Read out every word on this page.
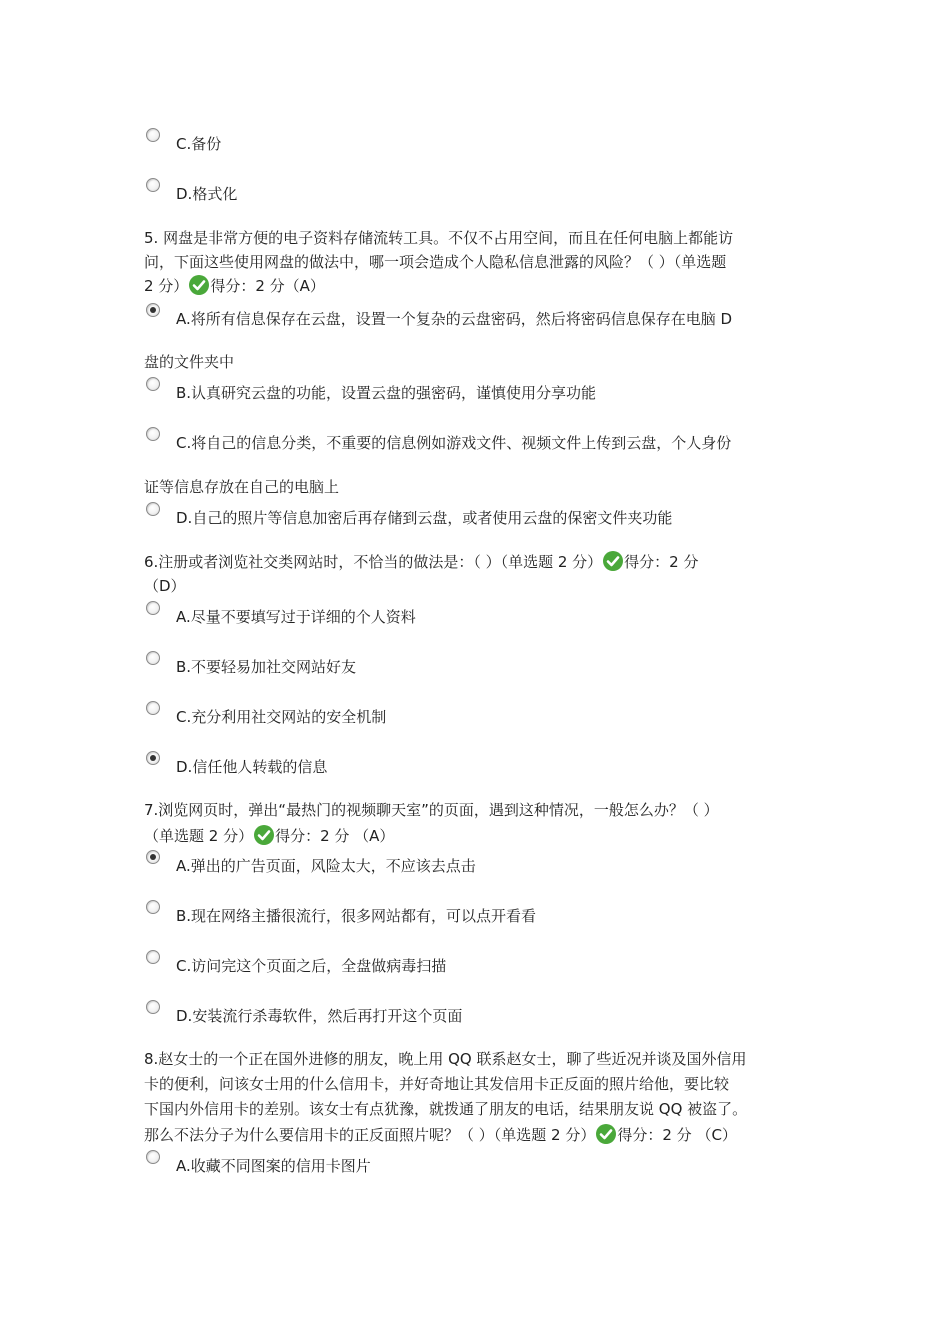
C.备份
D.格式化
5. 网盘是非常方便的电子资料存储流转工具。不仅不占用空间，而且在任何电脑上都能访
问，下面这些使用网盘的做法中，哪一项会造成个人隐私信息泄露的风险？（ ）（单选题
2 分） 得分：2 分（A）
A.将所有信息保存在云盘，设置一个复杂的云盘密码，然后将密码信息保存在电脑 D
盘的文件夹中
B.认真研究云盘的功能，设置云盘的强密码，谨慎使用分享功能
C.将自己的信息分类，不重要的信息例如游戏文件、视频文件上传到云盘，个人身份
证等信息存放在自己的电脑上
D.自己的照片等信息加密后再存储到云盘，或者使用云盘的保密文件夹功能
6.注册或者浏览社交类网站时，不恰当的做法是：（ ）（单选题 2 分） 得分：2 分
（D）
A.尽量不要填写过于详细的个人资料
B.不要轻易加社交网站好友
C.充分利用社交网站的安全机制
D.信任他人转载的信息
7.浏览网页时，弹出“最热门的视频聊天室”的页面，遇到这种情况，一般怎么办？（ ）
（单选题 2 分） 得分：2 分 （A）
A.弹出的广告页面，风险太大，不应该去点击
B.现在网络主播很流行，很多网站都有，可以点开看看
C.访问完这个页面之后，全盘做病毒扫描
D.安装流行杀毒软件，然后再打开这个页面
8.赵女士的一个正在国外进修的朋友，晚上用 QQ 联系赵女士，聊了些近况并谈及国外信用
卡的便利，问该女士用的什么信用卡，并好奇地让其发信用卡正反面的照片给他，要比较
下国内外信用卡的差别。该女士有点犹豫，就拨通了朋友的电话，结果朋友说 QQ 被盗了。
那么不法分子为什么要信用卡的正反面照片呢？（ ）（单选题 2 分） 得分：2 分 （C）
A.收藏不同图案的信用卡图片
